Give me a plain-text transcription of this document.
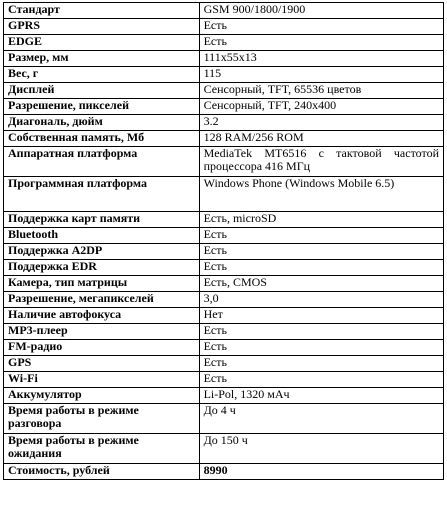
Стандарт	GSM 900/1800/1900
GPRS	Есть
EDGE	Есть
Размер, мм	111x55x13
Вес, г	115
Дисплей	Сенсорный, TFT, 65536 цветов
Разрешение, пикселей	Сенсорный, TFT, 240x400
Диагональ, дюйм	3.2
Собственная память, Мб	128 RAM/256 ROM
Аппаратная платформа	MediaTek MT6516 с тактовой частотой процессора 416 МГц
Программная платформа	Windows Phone (Windows Mobile 6.5)
Поддержка карт памяти	Есть, microSD
Bluetooth	Есть
Поддержка A2DP	Есть
Поддержка EDR	Есть
Камера, тип матрицы	Есть, CMOS
Разрешение, мегапикселей	3,0
Наличие автофокуса	Нет
MP3-плеер	Есть
FM-радио	Есть
GPS	Есть
Wi-Fi	Есть
Аккумулятор	Li-Pol, 1320 мАч
Время работы в режиме разговора	До 4 ч
Время работы в режиме ожидания	До 150 ч
Стоимость, рублей	8990
